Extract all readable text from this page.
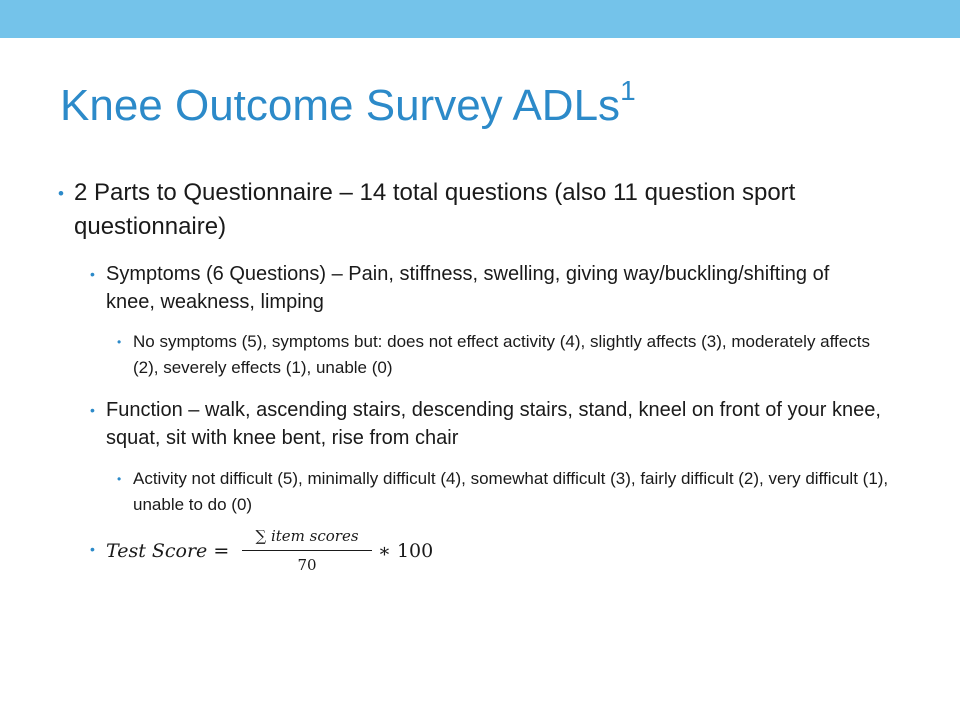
Knee Outcome Survey ADLs$^1$
• 2 Parts to Questionnaire – 14 total questions (also 11 question sport questionnaire)
• Symptoms (6 Questions) – Pain, stiffness, swelling, giving way/buckling/shifting of knee, weakness, limping
• No symptoms (5), symptoms but: does not effect activity (4), slightly affects (3), moderately affects (2), severely effects (1), unable (0)
• Function – walk, ascending stairs, descending stairs, stand, kneel on front of your knee, squat, sit with knee bent, rise from chair
• Activity not difficult (5), minimally difficult (4), somewhat difficult (3), fairly difficult (2), very difficult (1), unable to do (0)
• Test Score =
∑ item scores
70
∗ 100
